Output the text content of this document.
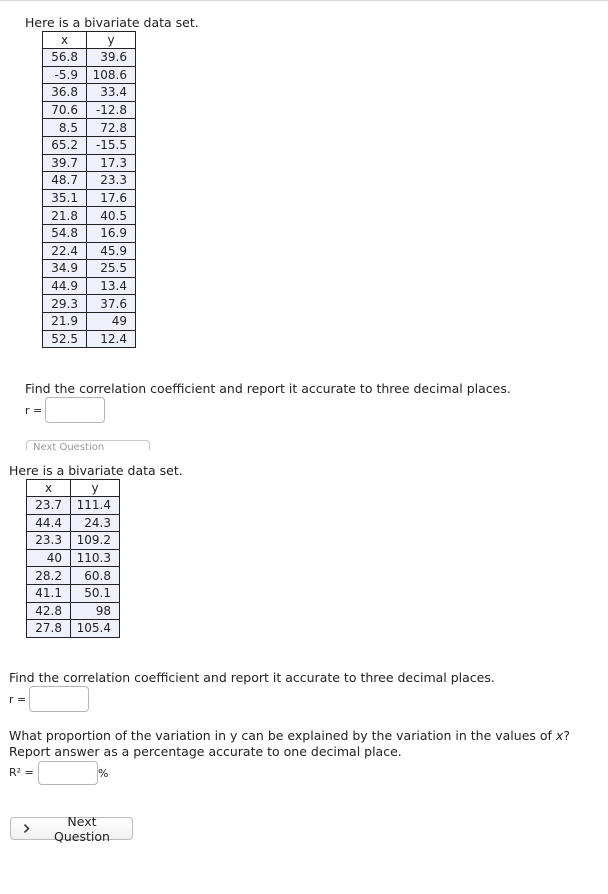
Here is a bivariate data set.

x	y
56.8	39.6
-5.9	108.6
36.8	33.4
70.6	-12.8
8.5	72.8
65.2	-15.5
39.7	17.3
48.7	23.3
35.1	17.6
21.8	40.5
54.8	16.9
22.4	45.9
34.9	25.5
44.9	13.4
29.3	37.6
21.9	49
52.5	12.4

Find the correlation coefficient and report it accurate to three decimal places.

r =
Next Question

Here is a bivariate data set.

x	y
23.7	111.4
44.4	24.3
23.3	109.2
40	110.3
28.2	60.8
41.1	50.1
42.8	98
27.8	105.4

Find the correlation coefficient and report it accurate to three decimal places.

r =

What proportion of the variation in y can be explained by the variation in the values of x? Report answer as a percentage accurate to one decimal place.

R² =	%
Next Question
